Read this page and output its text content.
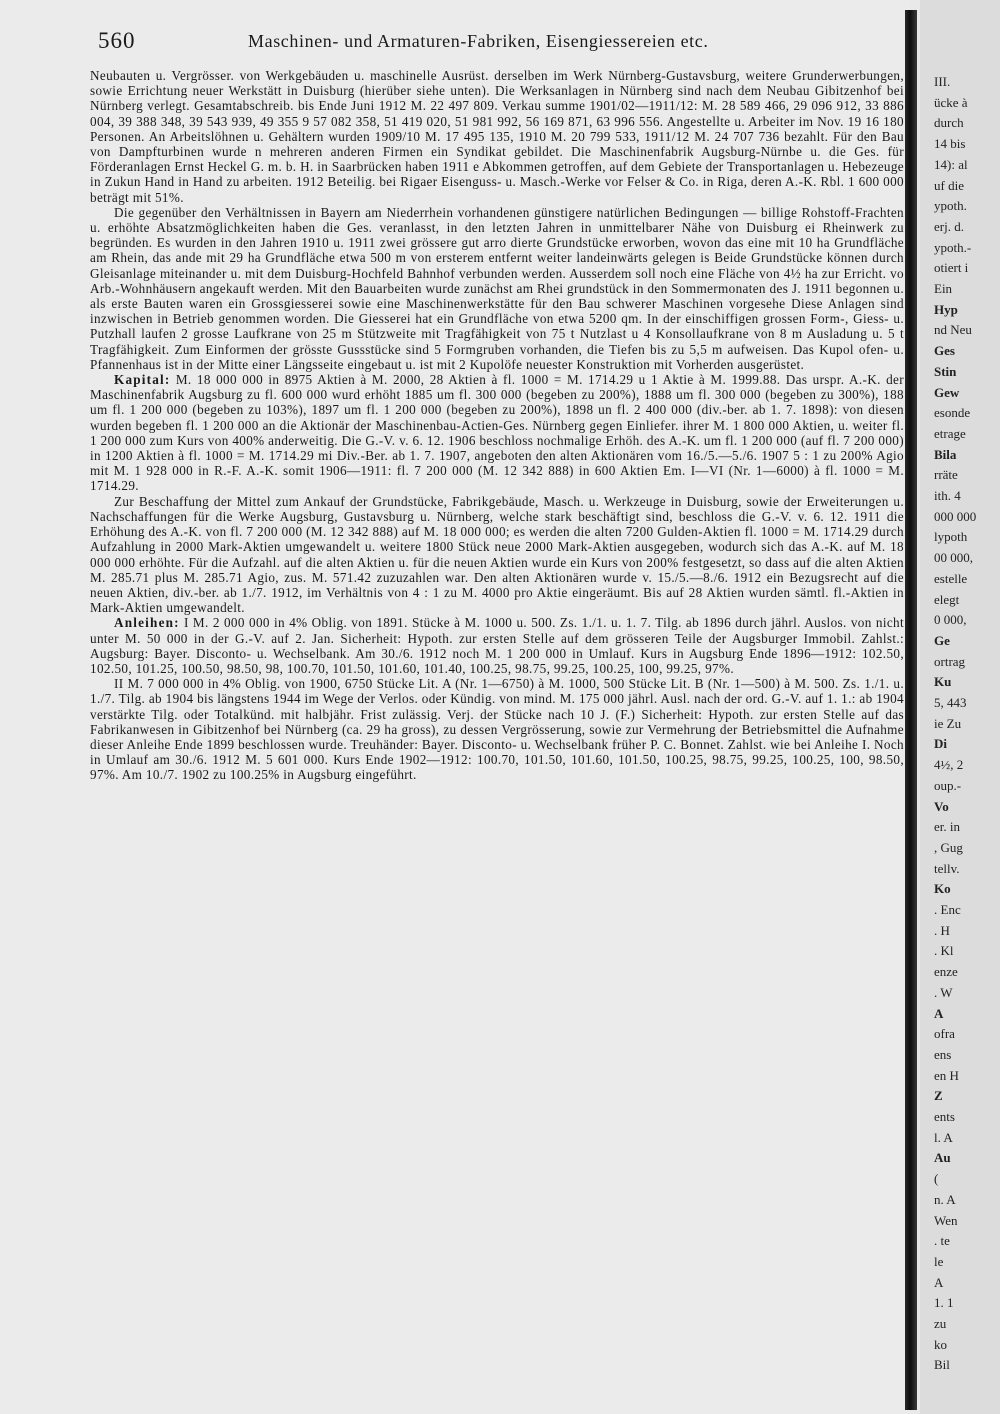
560	Maschinen- und Armaturen-Fabriken, Eisengiessereien etc.

Neubauten u. Vergrösser. von Werkgebäuden u. maschinelle Ausrüst. derselben im Werk Nürnberg-Gustavsburg, weitere Grunderwerbungen, sowie Errichtung neuer Werkstätt in Duisburg (hierüber siehe unten). Die Werksanlagen in Nürnberg sind nach dem Neubau Gibitzenhof bei Nürnberg verlegt. Gesamtabschreib. bis Ende Juni 1912 M. 22 497 809. Verkau summe 1901/02—1911/12: M. 28 589 466, 29 096 912, 33 886 004, 39 388 348, 39 543 939, 49 355 9 57 082 358, 51 419 020, 51 981 992, 56 169 871, 63 996 556. Angestellte u. Arbeiter im Nov. 19 16 180 Personen. An Arbeitslöhnen u. Gehältern wurden 1909/10 M. 17 495 135, 1910 M. 20 799 533, 1911/12 M. 24 707 736 bezahlt. Für den Bau von Dampfturbinen wurde n mehreren anderen Firmen ein Syndikat gebildet. Die Maschinenfabrik Augsburg-Nürnbe u. die Ges. für Förderanlagen Ernst Heckel G. m. b. H. in Saarbrücken haben 1911 e Abkommen getroffen, auf dem Gebiete der Transportanlagen u. Hebezeuge in Zukun Hand in Hand zu arbeiten. 1912 Beteilig. bei Rigaer Eisenguss- u. Masch.-Werke vor Felser & Co. in Riga, deren A.-K. Rbl. 1 600 000 beträgt mit 51%.

Die gegenüber den Verhältnissen in Bayern am Niederrhein vorhandenen günstigere natürlichen Bedingungen — billige Rohstoff-Frachten u. erhöhte Absatzmöglichkeiten haben die Ges. veranlasst, in den letzten Jahren in unmittelbarer Nähe von Duisburg ei Rheinwerk zu begründen. Es wurden in den Jahren 1910 u. 1911 zwei grössere gut arro dierte Grundstücke erworben, wovon das eine mit 10 ha Grundfläche am Rhein, das ande mit 29 ha Grundfläche etwa 500 m von ersterem entfernt weiter landeinwärts gelegen is Beide Grundstücke können durch Gleisanlage miteinander u. mit dem Duisburg-Hochfeld Bahnhof verbunden werden. Ausserdem soll noch eine Fläche von 4½ ha zur Erricht. vo Arb.-Wohnhäusern angekauft werden. Mit den Bauarbeiten wurde zunächst am Rhei grundstück in den Sommermonaten des J. 1911 begonnen u. als erste Bauten waren ein Grossgiesserei sowie eine Maschinenwerkstätte für den Bau schwerer Maschinen vorgesehe Diese Anlagen sind inzwischen in Betrieb genommen worden. Die Giesserei hat ein Grundfläche von etwa 5200 qm. In der einschiffigen grossen Form-, Giess- u. Putzhall laufen 2 grosse Laufkrane von 25 m Stützweite mit Tragfähigkeit von 75 t Nutzlast u 4 Konsollaufkrane von 8 m Ausladung u. 5 t Tragfähigkeit. Zum Einformen der grösste Gussstücke sind 5 Formgruben vorhanden, die Tiefen bis zu 5,5 m aufweisen. Das Kupol ofen- u. Pfannenhaus ist in der Mitte einer Längsseite eingebaut u. ist mit 2 Kupolöfe neuester Konstruktion mit Vorherden ausgerüstet.

Kapital: M. 18 000 000 in 8975 Aktien à M. 2000, 28 Aktien à fl. 1000 = M. 1714.29 u 1 Aktie à M. 1999.88. Das urspr. A.-K. der Maschinenfabrik Augsburg zu fl. 600 000 wurd erhöht 1885 um fl. 300 000 (begeben zu 200%), 1888 um fl. 300 000 (begeben zu 300%), 188 um fl. 1 200 000 (begeben zu 103%), 1897 um fl. 1 200 000 (begeben zu 200%), 1898 un fl. 2 400 000 (div.-ber. ab 1. 7. 1898): von diesen wurden begeben fl. 1 200 000 an die Aktionär der Maschinenbau-Actien-Ges. Nürnberg gegen Einliefer. ihrer M. 1 800 000 Aktien, u. weiter fl. 1 200 000 zum Kurs von 400% anderweitig. Die G.-V. v. 6. 12. 1906 beschloss nochmalige Erhöh. des A.-K. um fl. 1 200 000 (auf fl. 7 200 000) in 1200 Aktien à fl. 1000 = M. 1714.29 mi Div.-Ber. ab 1. 7. 1907, angeboten den alten Aktionären vom 16./5.—5./6. 1907 5 : 1 zu 200% Agio mit M. 1 928 000 in R.-F. A.-K. somit 1906—1911: fl. 7 200 000 (M. 12 342 888) in 600 Aktien Em. I—VI (Nr. 1—6000) à fl. 1000 = M. 1714.29.

Zur Beschaffung der Mittel zum Ankauf der Grundstücke, Fabrikgebäude, Masch. u. Werkzeuge in Duisburg, sowie der Erweiterungen u. Nachschaffungen für die Werke Augsburg, Gustavsburg u. Nürnberg, welche stark beschäftigt sind, beschloss die G.-V. v. 6. 12. 1911 die Erhöhung des A.-K. von fl. 7 200 000 (M. 12 342 888) auf M. 18 000 000; es werden die alten 7200 Gulden-Aktien fl. 1000 = M. 1714.29 durch Aufzahlung in 2000 Mark-Aktien umgewandelt u. weitere 1800 Stück neue 2000 Mark-Aktien ausgegeben, wodurch sich das A.-K. auf M. 18 000 000 erhöhte. Für die Aufzahl. auf die alten Aktien u. für die neuen Aktien wurde ein Kurs von 200% festgesetzt, so dass auf die alten Aktien M. 285.71 plus M. 285.71 Agio, zus. M. 571.42 zuzuzahlen war. Den alten Aktionären wurde v. 15./5.—8./6. 1912 ein Bezugsrecht auf die neuen Aktien, div.-ber. ab 1./7. 1912, im Verhältnis von 4 : 1 zu M. 4000 pro Aktie eingeräumt. Bis auf 28 Aktien wurden sämtl. fl.-Aktien in Mark-Aktien umgewandelt.

Anleihen: I M. 2 000 000 in 4% Oblig. von 1891. Stücke à M. 1000 u. 500. Zs. 1./1. u. 1. 7. Tilg. ab 1896 durch jährl. Auslos. von nicht unter M. 50 000 in der G.-V. auf 2. Jan. Sicherheit: Hypoth. zur ersten Stelle auf dem grösseren Teile der Augsburger Immobil. Zahlst.: Augsburg: Bayer. Disconto- u. Wechselbank. Am 30./6. 1912 noch M. 1 200 000 in Umlauf. Kurs in Augsburg Ende 1896—1912: 102.50, 102.50, 101.25, 100.50, 98.50, 98, 100.70, 101.50, 101.60, 101.40, 100.25, 98.75, 99.25, 100.25, 100, 99.25, 97%.

II M. 7 000 000 in 4% Oblig. von 1900, 6750 Stücke Lit. A (Nr. 1—6750) à M. 1000, 500 Stücke Lit. B (Nr. 1—500) à M. 500. Zs. 1./1. u. 1./7. Tilg. ab 1904 bis längstens 1944 im Wege der Verlos. oder Kündig. von mind. M. 175 000 jährl. Ausl. nach der ord. G.-V. auf 1. 1.: ab 1904 verstärkte Tilg. oder Totalkünd. mit halbjähr. Frist zulässig. Verj. der Stücke nach 10 J. (F.) Sicherheit: Hypoth. zur ersten Stelle auf das Fabrikanwesen in Gibitzenhof bei Nürnberg (ca. 29 ha gross), zu dessen Vergrösserung, sowie zur Vermehrung der Betriebsmittel die Aufnahme dieser Anleihe Ende 1899 beschlossen wurde. Treuhänder: Bayer. Disconto- u. Wechselbank früher P. C. Bonnet. Zahlst. wie bei Anleihe I. Noch in Umlauf am 30./6. 1912 M. 5 601 000. Kurs Ende 1902—1912: 100.70, 101.50, 101.60, 101.50, 100.25, 98.75, 99.25, 100.25, 100, 98.50, 97%. Am 10./7. 1902 zu 100.25% in Augsburg eingeführt.

III.
ücke à
durch
14 bis
14): al
uf die
ypoth.
erj. d.
ypoth.-
otiert i
Ein
Hyp
nd Neu
Ges
Stin
Gew
esonde
etrage
Bila
rräte
ith. 4
000 000
lypoth
00 000,
estelle
elegt
0 000,
Ge
ortrag
Ku
5, 443
ie Zu
Di
4½, 2
oup.-
Vo
er. in
, Gug
tellv.
Ko
. Enc
. H
. Kl
enze
. W
A
ofra
ens
en H
Z
ents
l. A
Au
(
n. A
Wen
. te
le
A
1. 1
zu
ko
Bil
